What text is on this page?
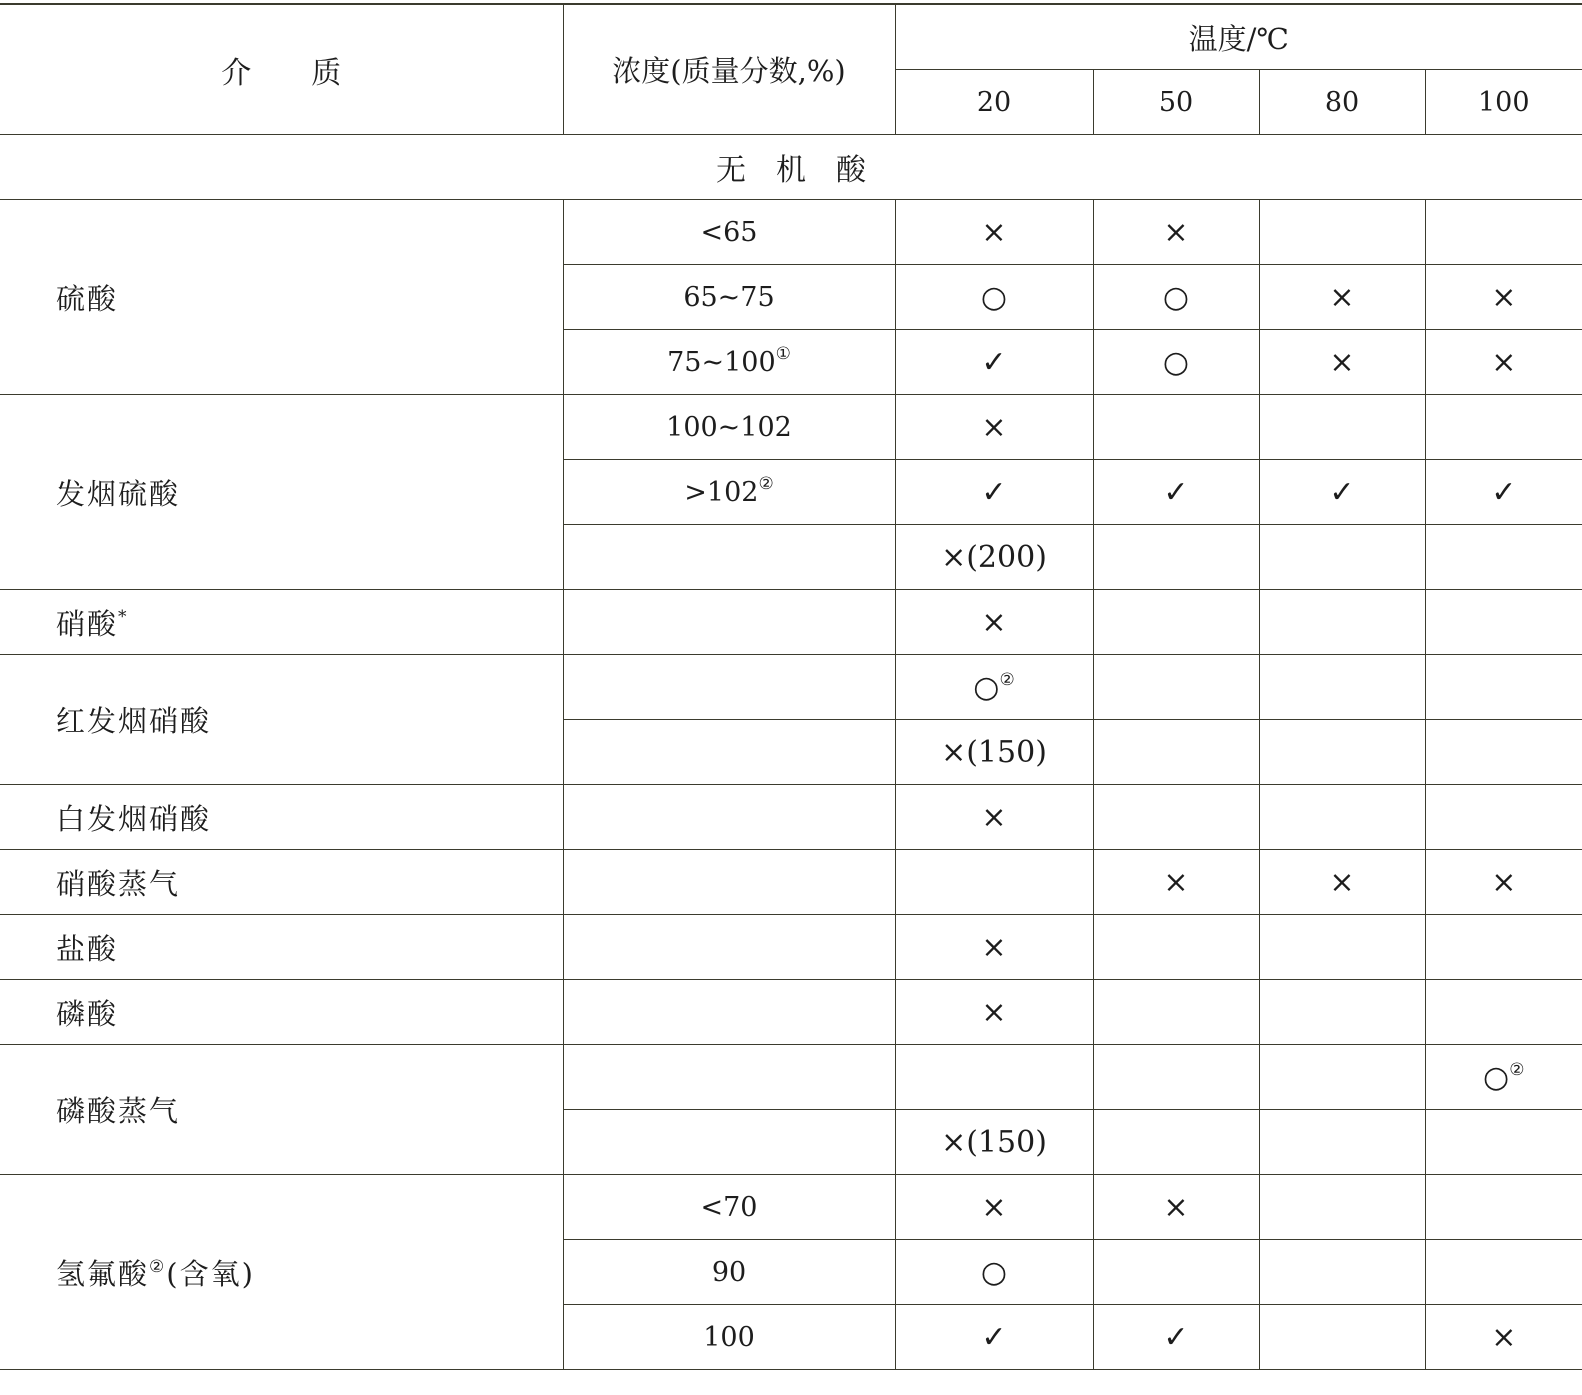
介　　质	浓度(质量分数,%)	温度/℃			
		20	50	80	100
无　机　酸					
硫酸	<65	×	×		
	65~75	○	○	×	×
	75~100①	✓	○	×	×
发烟硫酸	100~102	×			
	>102②	✓	✓	✓	✓
		×(200)			
硝酸*		×			
红发烟硝酸		○②			
		×(150)			
白发烟硝酸		×			
硝酸蒸气			×	×	×
盐酸		×			
磷酸		×			
磷酸蒸气					○②
		×(150)			
氢氟酸②(含氧)	<70	×	×		
	90	○			
	100	✓	✓		×
